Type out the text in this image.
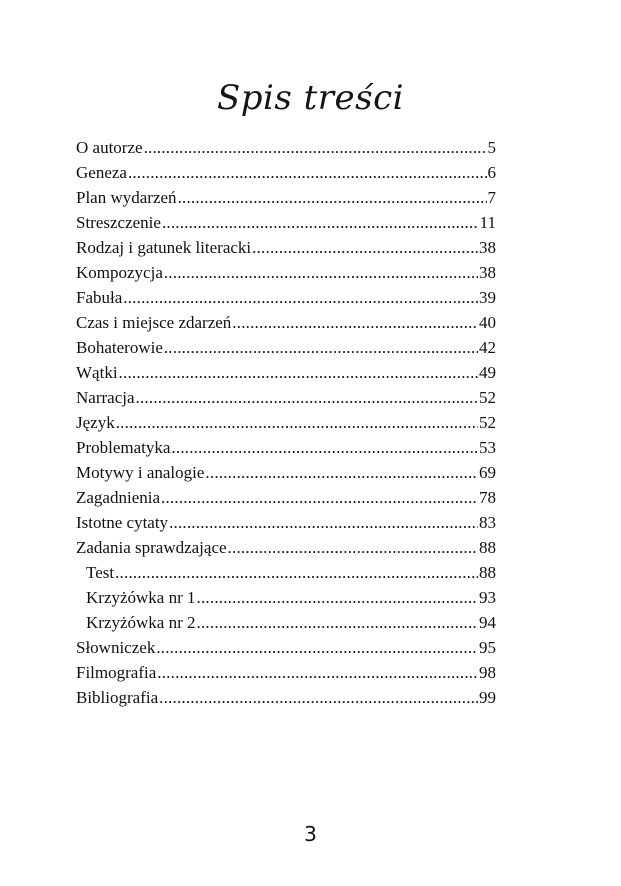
Spis treści
O autorze .....	5
Geneza .....	6
Plan wydarzeń .....	7
Streszczenie .....	11
Rodzaj i gatunek literacki .....	38
Kompozycja .....	38
Fabuła .....	39
Czas i miejsce zdarzeń .....	40
Bohaterowie .....	42
Wątki .....	49
Narracja .....	52
Język .....	52
Problematyka .....	53
Motywy i analogie .....	69
Zagadnienia .....	78
Istotne cytaty .....	83
Zadania sprawdzające .....	88
Test .....	88
Krzyżówka nr 1 .....	93
Krzyżówka nr 2 .....	94
Słowniczek .....	95
Filmografia .....	98
Bibliografia .....	99
3
